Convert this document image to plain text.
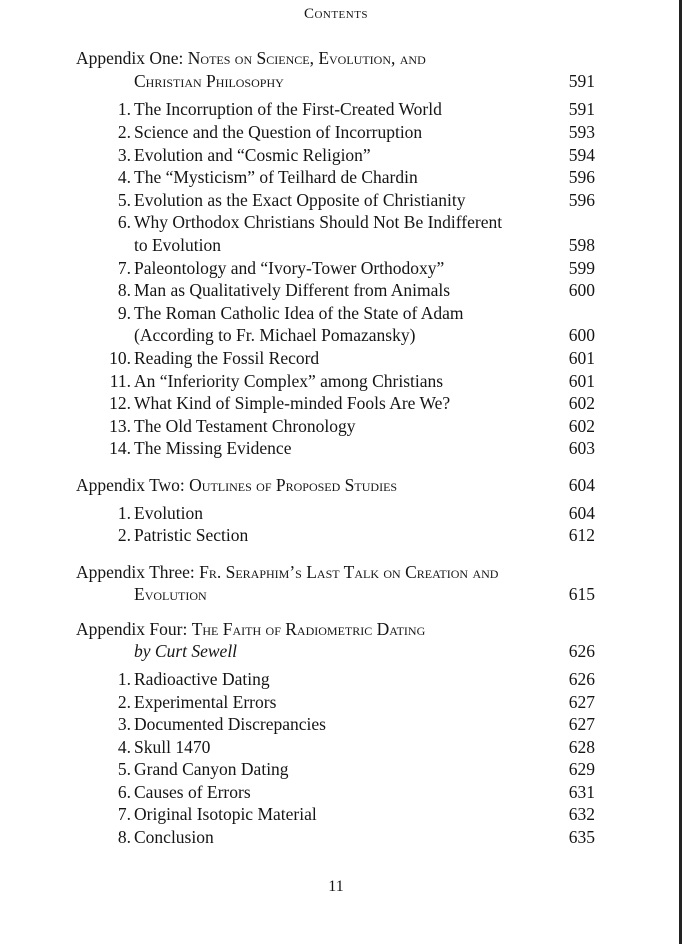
Contents
Appendix One: Notes on Science, Evolution, and
Christian Philosophy	591
1. The Incorruption of the First-Created World	591
2. Science and the Question of Incorruption	593
3. Evolution and “Cosmic Religion”	594
4. The “Mysticism” of Teilhard de Chardin	596
5. Evolution as the Exact Opposite of Christianity	596
6. Why Orthodox Christians Should Not Be Indifferent
to Evolution	598
7. Paleontology and “Ivory-Tower Orthodoxy”	599
8. Man as Qualitatively Different from Animals	600
9. The Roman Catholic Idea of the State of Adam
(According to Fr. Michael Pomazansky)	600
10. Reading the Fossil Record	601
11. An “Inferiority Complex” among Christians	601
12. What Kind of Simple-minded Fools Are We?	602
13. The Old Testament Chronology	602
14. The Missing Evidence	603
Appendix Two: Outlines of Proposed Studies	604
1. Evolution	604
2. Patristic Section	612
Appendix Three: Fr. Seraphim’s Last Talk on Creation and
Evolution	615
Appendix Four: The Faith of Radiometric Dating
by Curt Sewell	626
1. Radioactive Dating	626
2. Experimental Errors	627
3. Documented Discrepancies	627
4. Skull 1470	628
5. Grand Canyon Dating	629
6. Causes of Errors	631
7. Original Isotopic Material	632
8. Conclusion	635
11
